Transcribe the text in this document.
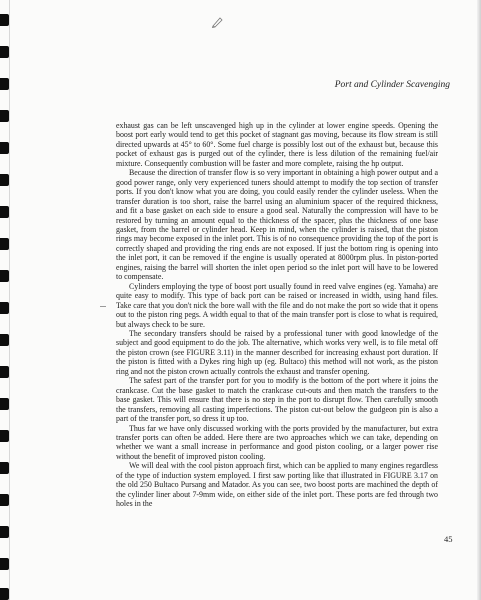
Port and Cylinder Scavenging

exhaust gas can be left unscavenged high up in the cylinder at lower engine speeds. Opening the boost port early would tend to get this pocket of stagnant gas moving, because its flow stream is still directed upwards at 45° to 60°. Some fuel charge is possibly lost out of the exhaust but, because this pocket of exhaust gas is purged out of the cylinder, there is less dilution of the remaining fuel/air mixture. Consequently combustion will be faster and more complete, raising the hp output.

Because the direction of transfer flow is so very important in obtaining a high power output and a good power range, only very experienced tuners should attempt to modify the top section of transfer ports. If you don't know what you are doing, you could easily render the cylinder useless. When the transfer duration is too short, raise the barrel using an aluminium spacer of the required thickness, and fit a base gasket on each side to ensure a good seal. Naturally the compression will have to be restored by turning an amount equal to the thickness of the spacer, plus the thickness of one base gasket, from the barrel or cylinder head. Keep in mind, when the cylinder is raised, that the piston rings may become exposed in the inlet port. This is of no consequence providing the top of the port is correctly shaped and providing the ring ends are not exposed. If just the bottom ring is opening into the inlet port, it can be removed if the engine is usually operated at 8000rpm plus. In piston-ported engines, raising the barrel will shorten the inlet open period so the inlet port will have to be lowered to compensate.

Cylinders employing the type of boost port usually found in reed valve engines (eg. Yamaha) are quite easy to modify. This type of back port can be raised or increased in width, using hand files. Take care that you don't nick the bore wall with the file and do not make the port so wide that it opens out to the piston ring pegs. A width equal to that of the main transfer port is close to what is required, but always check to be sure.

The secondary transfers should be raised by a professional tuner with good knowledge of the subject and good equipment to do the job. The alternative, which works very well, is to file metal off the piston crown (see FIGURE 3.11) in the manner described for increasing exhaust port duration. If the piston is fitted with a Dykes ring high up (eg. Bultaco) this method will not work, as the piston ring and not the piston crown actually controls the exhaust and transfer opening.

The safest part of the transfer port for you to modify is the bottom of the port where it joins the crankcase. Cut the base gasket to match the crankcase cut-outs and then match the transfers to the base gasket. This will ensure that there is no step in the port to disrupt flow. Then carefully smooth the transfers, removing all casting imperfections. The piston cut-out below the gudgeon pin is also a part of the transfer port, so dress it up too.

Thus far we have only discussed working with the ports provided by the manufacturer, but extra transfer ports can often be added. Here there are two approaches which we can take, depending on whether we want a small increase in performance and good piston cooling, or a larger power rise without the benefit of improved piston cooling.

We will deal with the cool piston approach first, which can be applied to many engines regardless of the type of induction system employed. I first saw porting like that illustrated in FIGURE 3.17 on the old 250 Bultaco Pursang and Matador. As you can see, two boost ports are machined the depth of the cylinder liner about 7-9mm wide, on either side of the inlet port. These ports are fed through two holes in the

45
